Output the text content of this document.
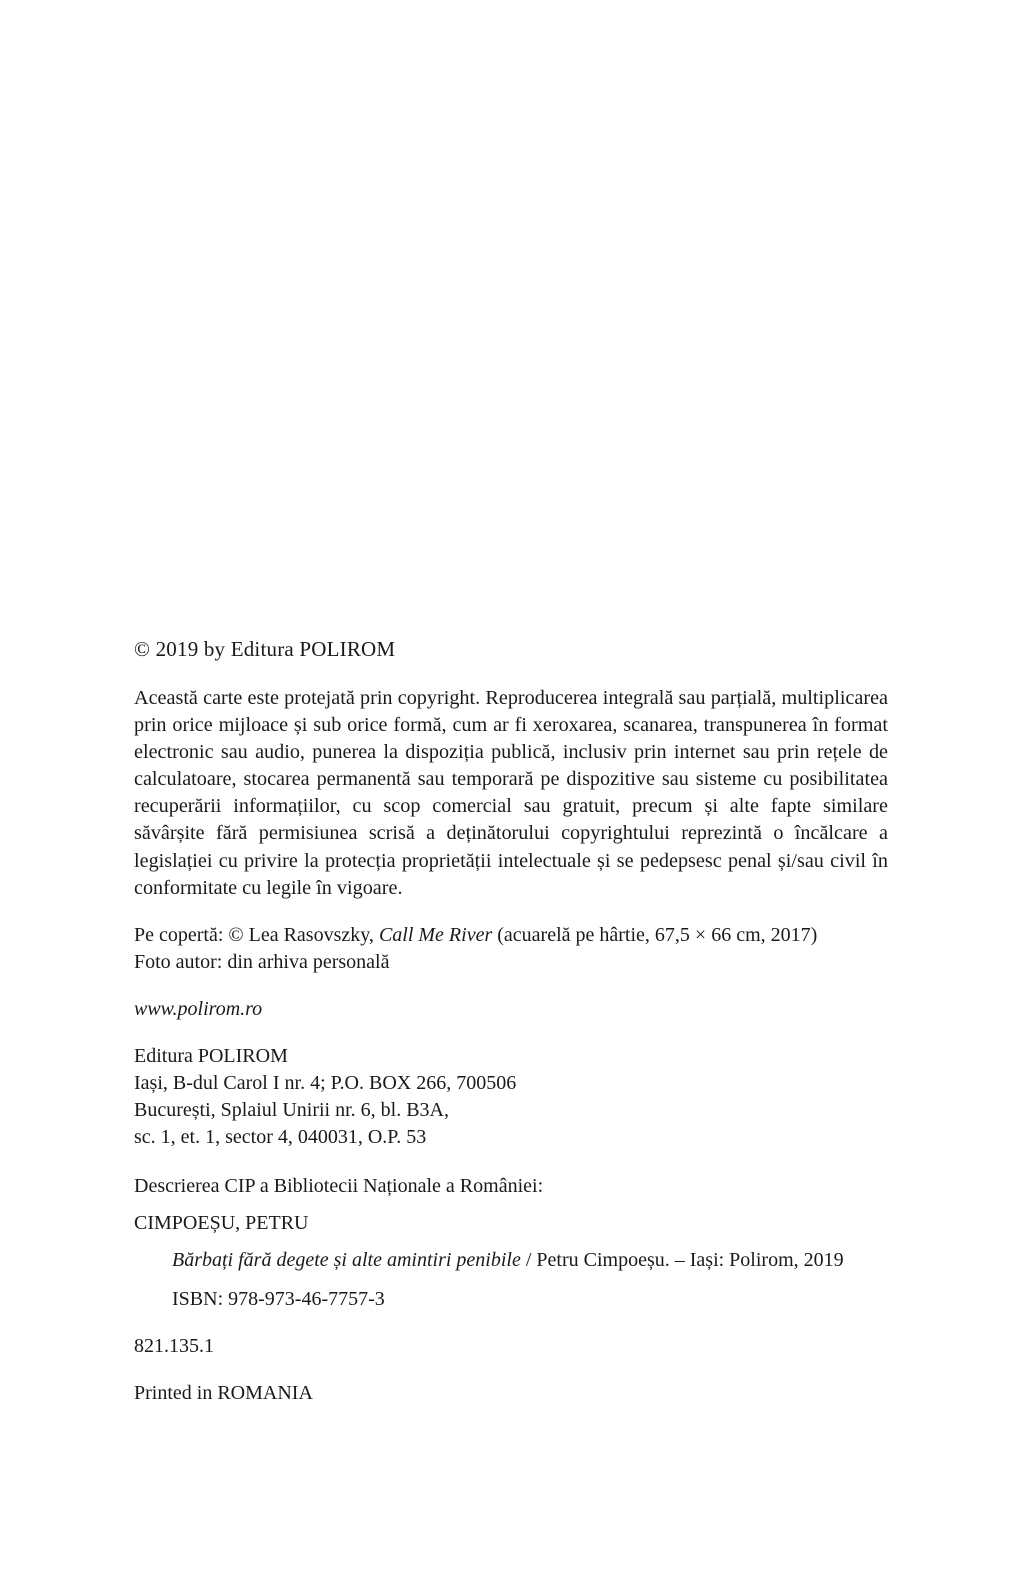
© 2019 by Editura POLIROM

Această carte este protejată prin copyright. Reproducerea integrală sau parțială, multiplicarea prin orice mijloace și sub orice formă, cum ar fi xeroxarea, scanarea, transpunerea în format electronic sau audio, punerea la dispoziția publică, inclusiv prin internet sau prin rețele de calculatoare, stocarea permanentă sau temporară pe dispozitive sau sisteme cu posibilitatea recuperării informațiilor, cu scop comercial sau gratuit, precum și alte fapte similare săvârșite fără permisiunea scrisă a deținătorului copyrightului reprezintă o încălcare a legislației cu privire la protecția proprietății intelectuale și se pedepsesc penal și/sau civil în conformitate cu legile în vigoare.

Pe copertă: © Lea Rasovszky, Call Me River (acuarelă pe hârtie, 67,5 × 66 cm, 2017)
Foto autor: din arhiva personală

www.polirom.ro

Editura POLIROM
Iași, B-dul Carol I nr. 4; P.O. BOX 266, 700506
București, Splaiul Unirii nr. 6, bl. B3A,
sc. 1, et. 1, sector 4, 040031, O.P. 53

Descrierea CIP a Bibliotecii Naționale a României:

CIMPOEȘU, PETRU

Bărbați fără degete și alte amintiri penibile / Petru Cimpoeșu. – Iași: Polirom, 2019

ISBN: 978-973-46-7757-3

821.135.1

Printed in ROMANIA
